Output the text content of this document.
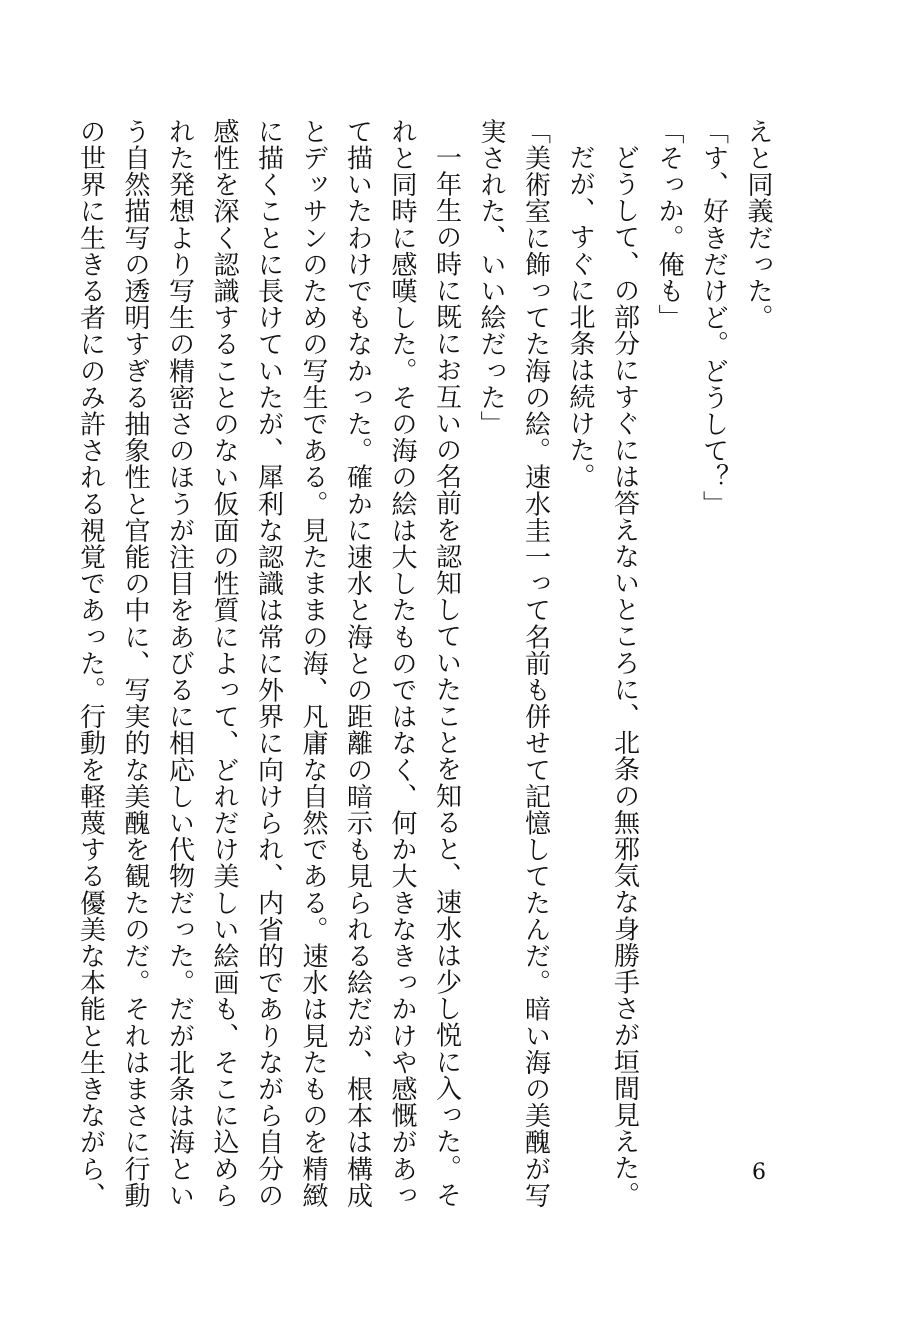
えと同義だった。
「す、好きだけど。どうして？」
「そっか。俺も」
どうして、の部分にすぐには答えないところに、北条の無邪気な身勝手さが垣間見えた。
だが、すぐに北条は続けた。
「美術室に飾ってた海の絵。速水圭一って名前も併せて記憶してたんだ。暗い海の美醜が写
実された、いい絵だった」
一年生の時に既にお互いの名前を認知していたことを知ると、速水は少し悦に入った。そ
れと同時に感嘆した。その海の絵は大したものではなく、何か大きなきっかけや感慨があっ
て描いたわけでもなかった。確かに速水と海との距離の暗示も見られる絵だが、根本は構成
とデッサンのための写生である。見たままの海、凡庸な自然である。速水は見たものを精緻
に描くことに長けていたが、犀利な認識は常に外界に向けられ、内省的でありながら自分の
感性を深く認識することのない仮面の性質によって、どれだけ美しい絵画も、そこに込めら
れた発想より写生の精密さのほうが注目をあびるに相応しい代物だった。だが北条は海とい
う自然描写の透明すぎる抽象性と官能の中に、写実的な美醜を観たのだ。それはまさに行動
の世界に生きる者にのみ許される視覚であった。行動を軽蔑する優美な本能と生きながら、	6
